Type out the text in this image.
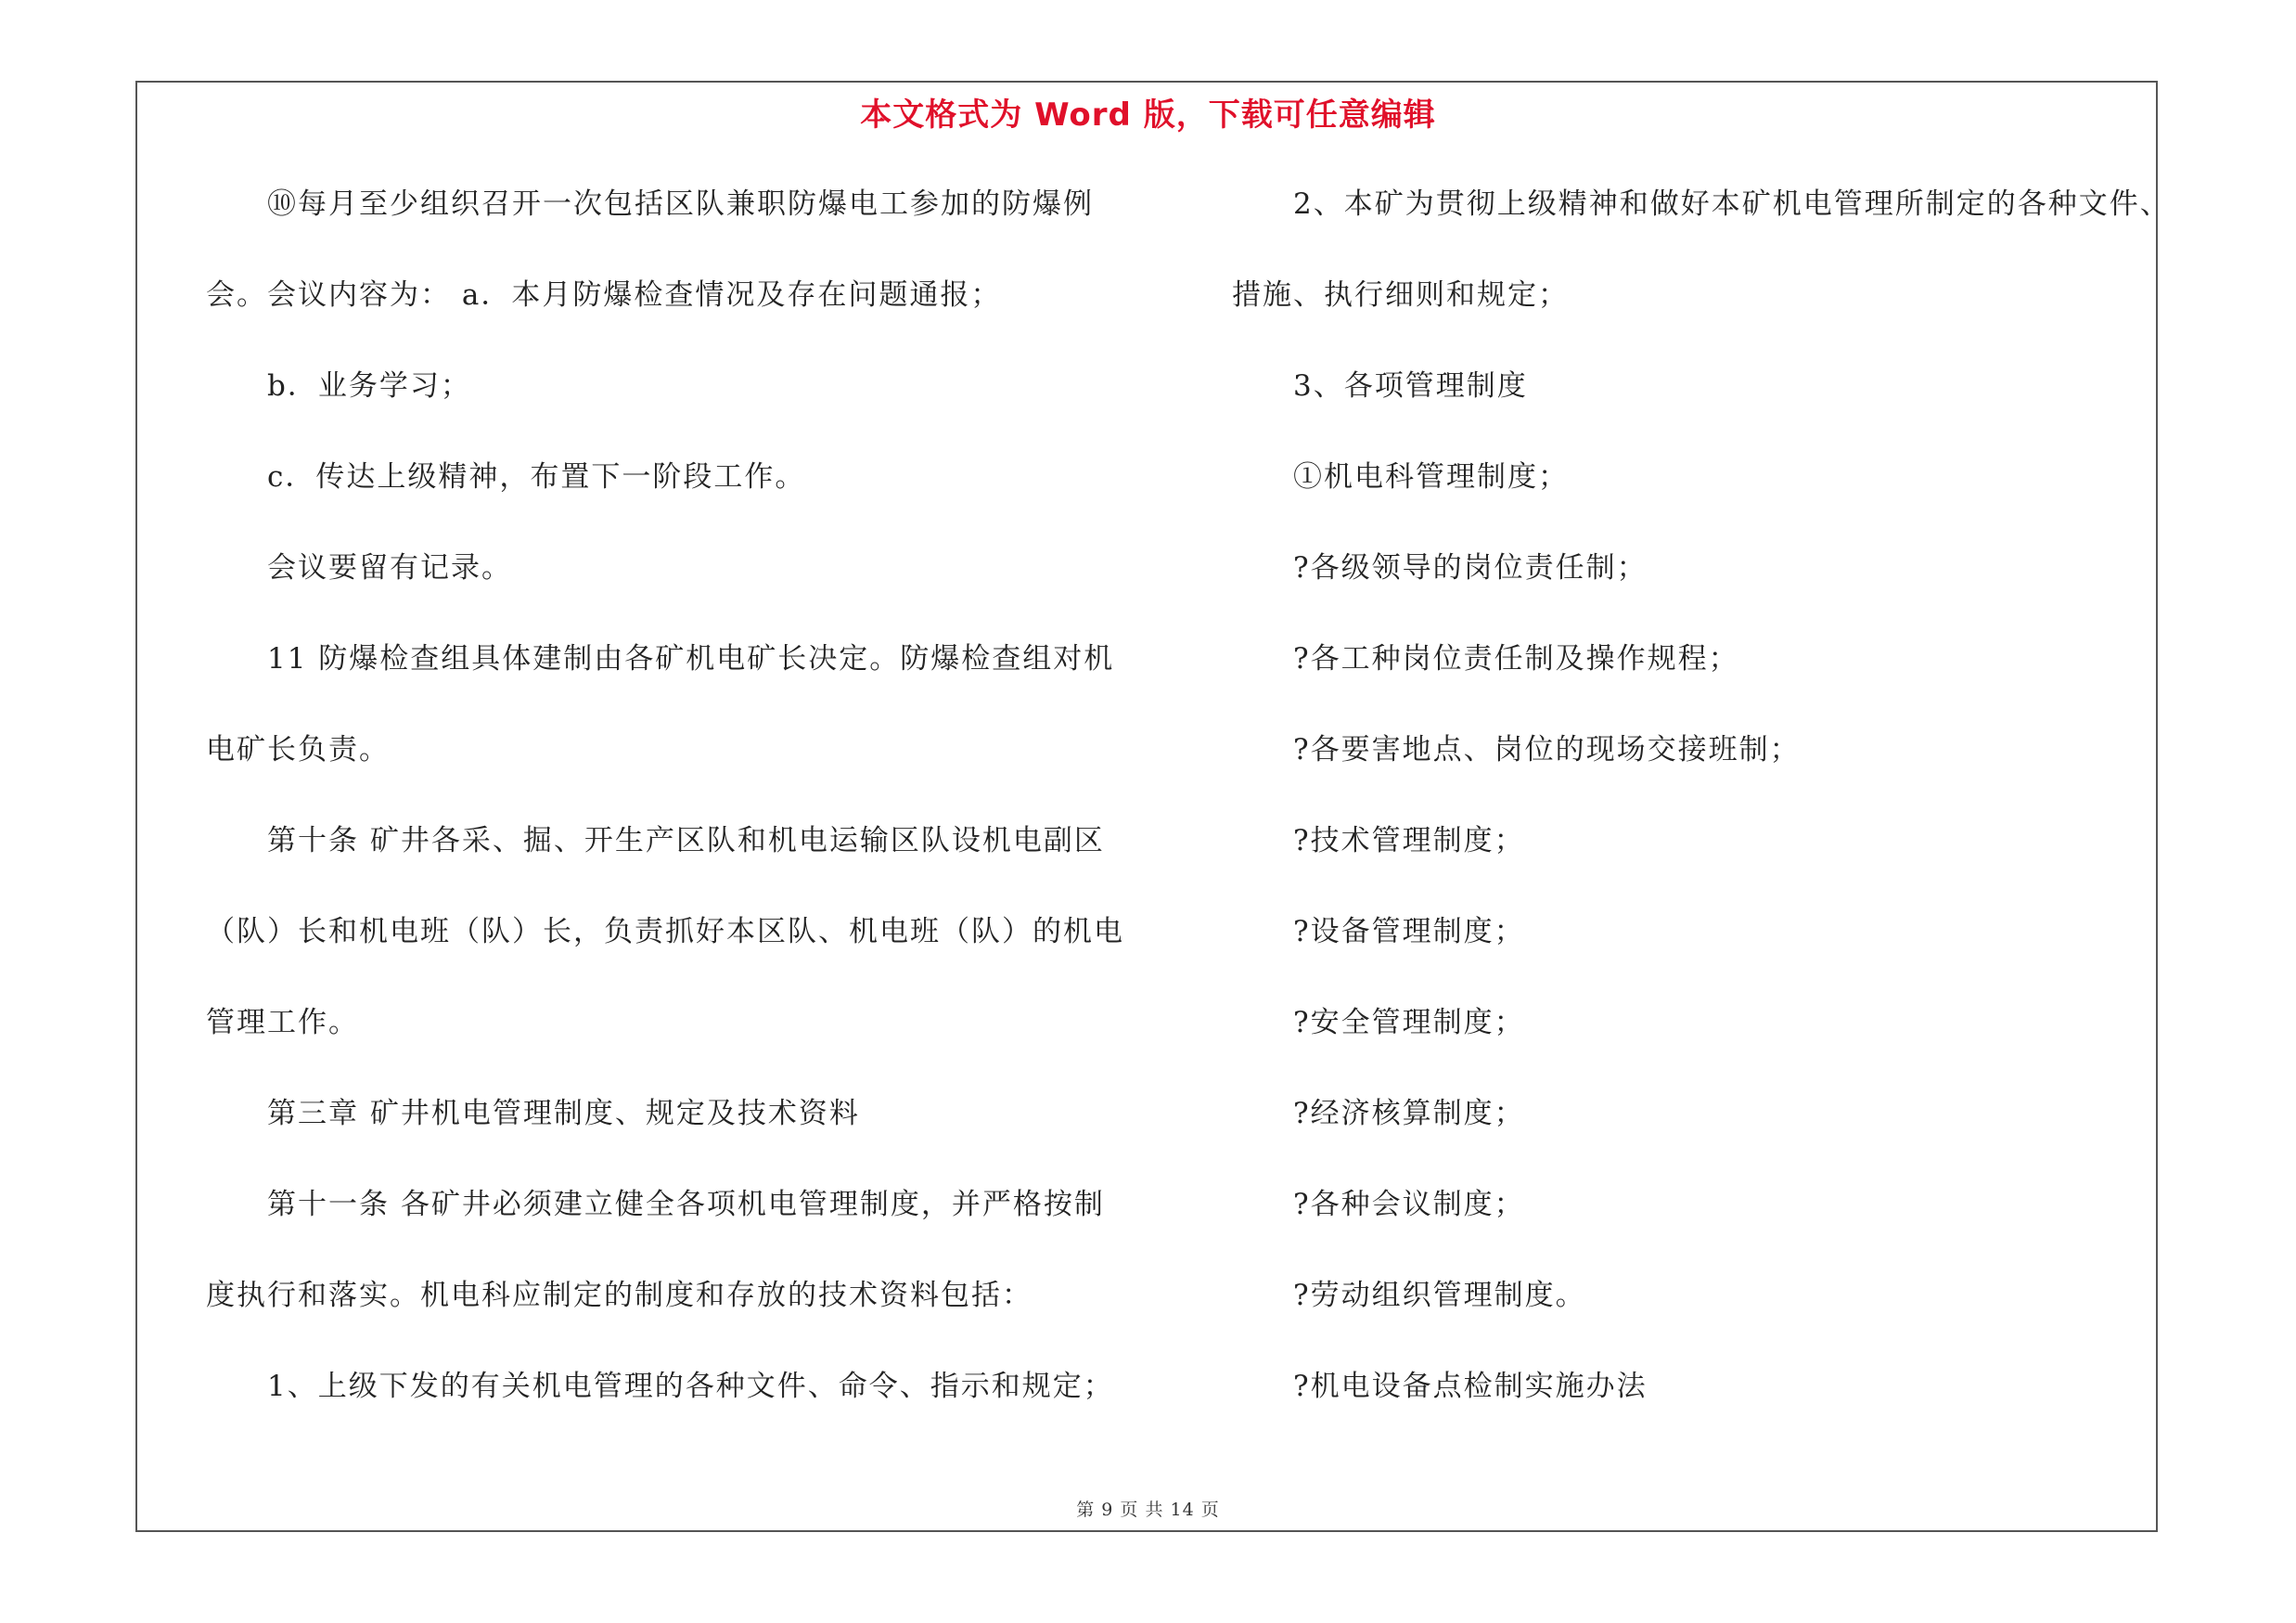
本文格式为 Word 版，下载可任意编辑
⑩每月至少组织召开一次包括区队兼职防爆电工参加的防爆例
会。会议内容为： a．本月防爆检查情况及存在问题通报；
b．业务学习；
c．传达上级精神，布置下一阶段工作。
会议要留有记录。
11 防爆检查组具体建制由各矿机电矿长决定。防爆检查组对机
电矿长负责。
第十条 矿井各采、掘、开生产区队和机电运输区队设机电副区
（队）长和机电班（队）长，负责抓好本区队、机电班（队）的机电
管理工作。
第三章 矿井机电管理制度、规定及技术资料
第十一条 各矿井必须建立健全各项机电管理制度，并严格按制
度执行和落实。机电科应制定的制度和存放的技术资料包括：
1、上级下发的有关机电管理的各种文件、命令、指示和规定；
2、本矿为贯彻上级精神和做好本矿机电管理所制定的各种文件、
措施、执行细则和规定；
3、各项管理制度
①机电科管理制度；
?各级领导的岗位责任制；
?各工种岗位责任制及操作规程；
?各要害地点、岗位的现场交接班制；
?技术管理制度；
?设备管理制度；
?安全管理制度；
?经济核算制度；
?各种会议制度；
?劳动组织管理制度。
?机电设备点检制实施办法
第 9 页 共 14 页
